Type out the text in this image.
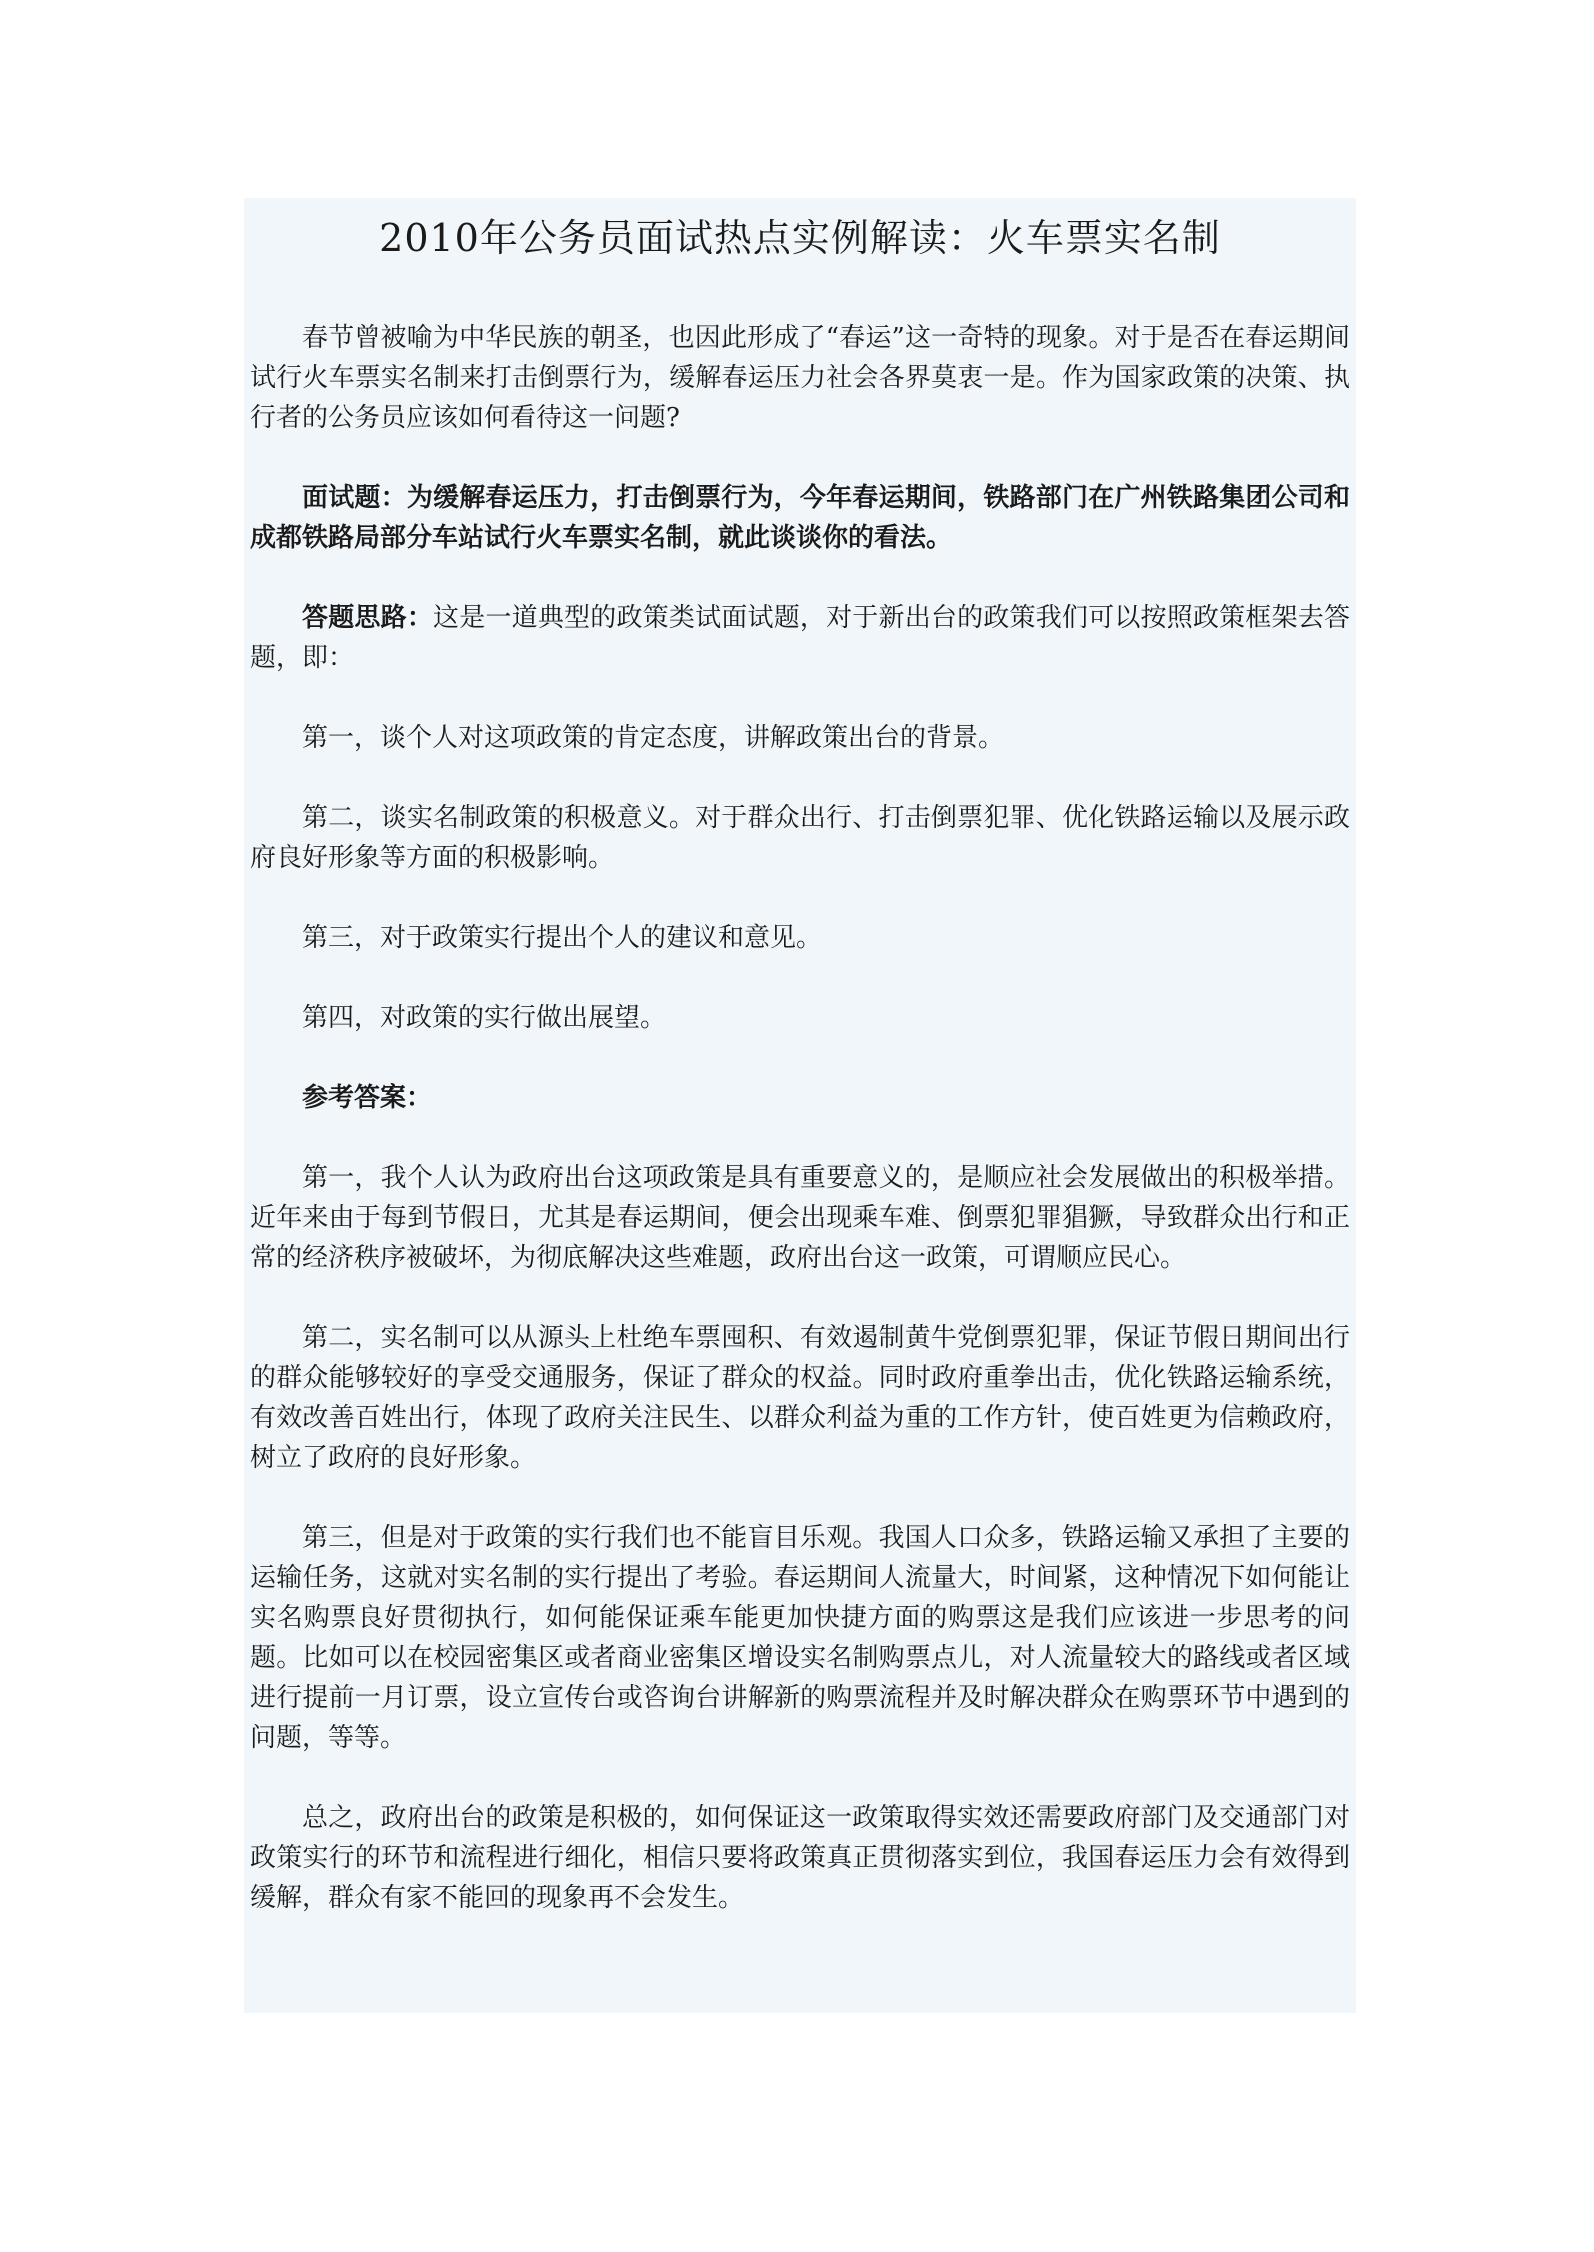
2010年公务员面试热点实例解读：火车票实名制

春节曾被喻为中华民族的朝圣，也因此形成了“春运”这一奇特的现象。对于是否在春运期间试行火车票实名制来打击倒票行为，缓解春运压力社会各界莫衷一是。作为国家政策的决策、执行者的公务员应该如何看待这一问题?

面试题：为缓解春运压力，打击倒票行为，今年春运期间，铁路部门在广州铁路集团公司和成都铁路局部分车站试行火车票实名制，就此谈谈你的看法。

答题思路：这是一道典型的政策类试面试题，对于新出台的政策我们可以按照政策框架去答题，即：

第一，谈个人对这项政策的肯定态度，讲解政策出台的背景。

第二，谈实名制政策的积极意义。对于群众出行、打击倒票犯罪、优化铁路运输以及展示政府良好形象等方面的积极影响。

第三，对于政策实行提出个人的建议和意见。

第四，对政策的实行做出展望。

参考答案：

第一，我个人认为政府出台这项政策是具有重要意义的，是顺应社会发展做出的积极举措。近年来由于每到节假日，尤其是春运期间，便会出现乘车难、倒票犯罪猖獗，导致群众出行和正常的经济秩序被破坏，为彻底解决这些难题，政府出台这一政策，可谓顺应民心。

第二，实名制可以从源头上杜绝车票囤积、有效遏制黄牛党倒票犯罪，保证节假日期间出行的群众能够较好的享受交通服务，保证了群众的权益。同时政府重拳出击，优化铁路运输系统，有效改善百姓出行，体现了政府关注民生、以群众利益为重的工作方针，使百姓更为信赖政府，树立了政府的良好形象。

第三，但是对于政策的实行我们也不能盲目乐观。我国人口众多，铁路运输又承担了主要的运输任务，这就对实名制的实行提出了考验。春运期间人流量大，时间紧，这种情况下如何能让实名购票良好贯彻执行，如何能保证乘车能更加快捷方面的购票这是我们应该进一步思考的问题。比如可以在校园密集区或者商业密集区增设实名制购票点儿，对人流量较大的路线或者区域进行提前一月订票，设立宣传台或咨询台讲解新的购票流程并及时解决群众在购票环节中遇到的问题，等等。

总之，政府出台的政策是积极的，如何保证这一政策取得实效还需要政府部门及交通部门对政策实行的环节和流程进行细化，相信只要将政策真正贯彻落实到位，我国春运压力会有效得到缓解，群众有家不能回的现象再不会发生。
